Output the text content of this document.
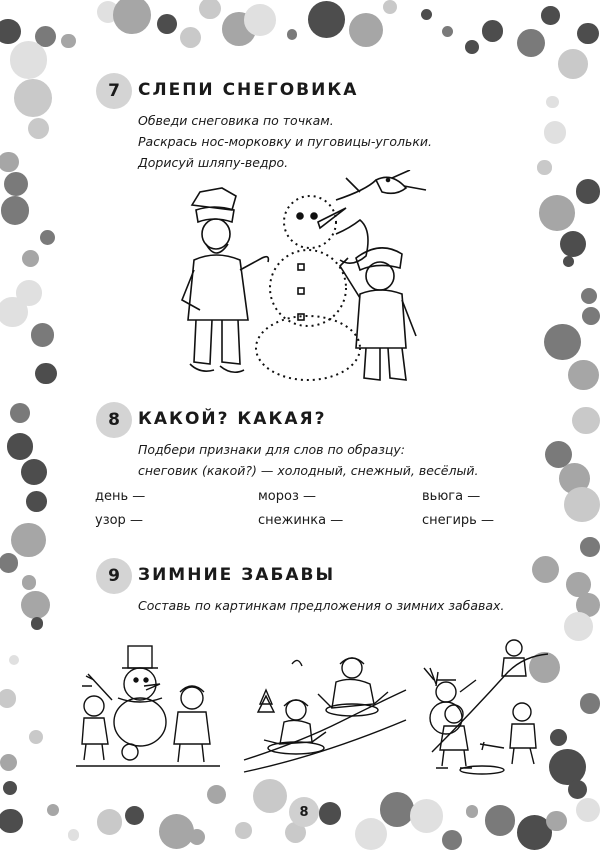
7	СЛЕПИ СНЕГОВИКА
Обведи снеговика по точкам.
Раскрась нос-морковку и пуговицы-угольки.
Дорисуй шляпу-ведро.
8	КАКОЙ? КАКАЯ?
Подбери признаки для слов по образцу:
снеговик (какой?) — холодный, снежный, весёлый.
день —	мороз —	вьюга —
узор —	снежинка —	снегирь —
9	ЗИМНИЕ ЗАБАВЫ
Составь по картинкам предложения о зимних забавах.
8
